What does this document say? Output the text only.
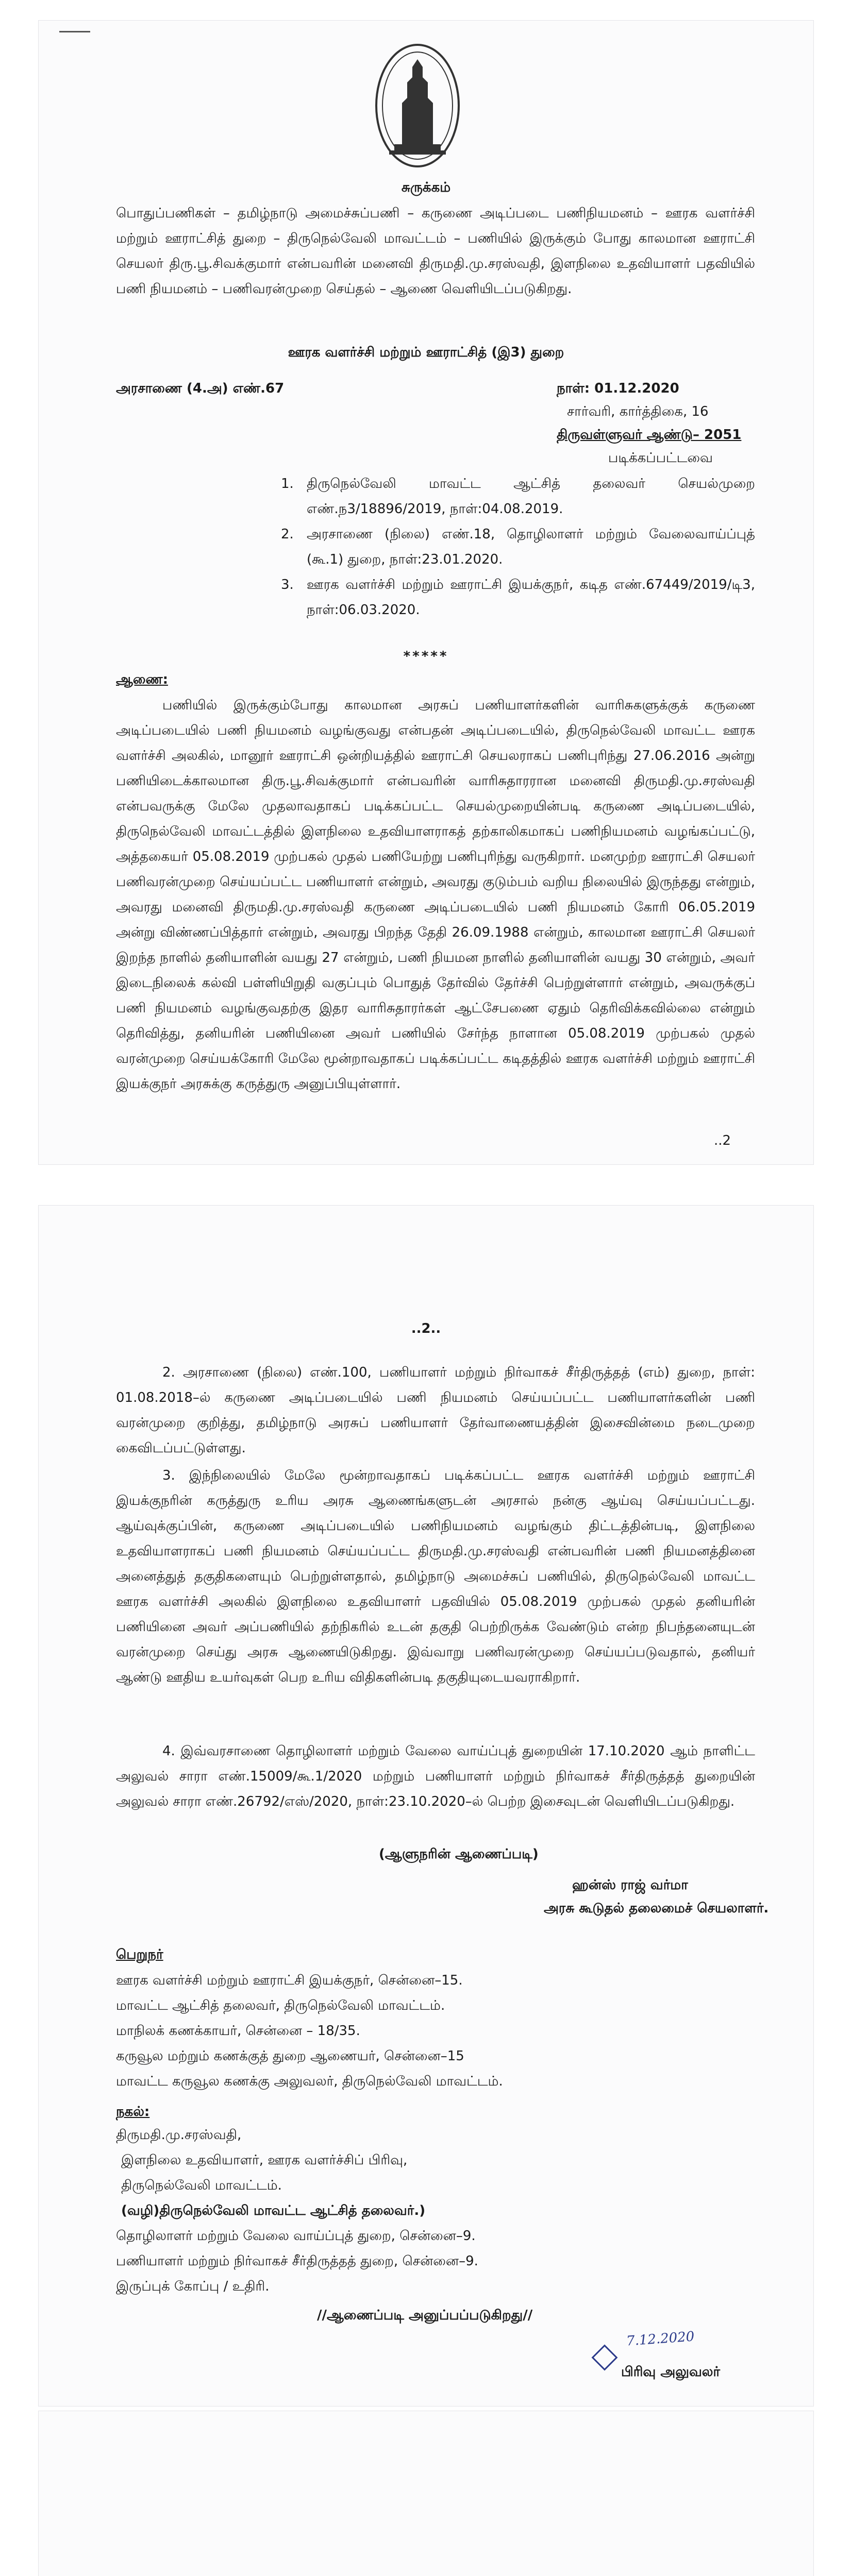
சுருக்கம்
பொதுப்பணிகள் – தமிழ்நாடு அமைச்சுப்பணி – கருணை அடிப்படை பணிநியமனம் – ஊரக வளர்ச்சி மற்றும் ஊராட்சித் துறை – திருநெல்வேலி மாவட்டம் – பணியில் இருக்கும் போது காலமான ஊராட்சி செயலர் திரு.பூ.சிவக்குமார் என்பவரின் மனைவி திருமதி.மு.சரஸ்வதி, இளநிலை உதவியாளர் பதவியில் பணி நியமனம் – பணிவரன்முறை செய்தல் – ஆணை வெளியிடப்படுகிறது.
ஊரக வளர்ச்சி மற்றும் ஊராட்சித் (இ3) துறை
அரசாணை (4.அ) எண்.67	நாள்: 01.12.2020
சார்வரி, கார்த்திகை, 16
திருவள்ளுவர் ஆண்டு– 2051
படிக்கப்பட்டவை
1. திருநெல்வேலி மாவட்ட ஆட்சித் தலைவர் செயல்முறை எண்.ந3/18896/2019, நாள்:04.08.2019.
2. அரசாணை (நிலை) எண்.18, தொழிலாளர் மற்றும் வேலைவாய்ப்புத் (கூ.1) துறை, நாள்:23.01.2020.
3. ஊரக வளர்ச்சி மற்றும் ஊராட்சி இயக்குநர், கடித எண்.67449/2019/டி3, நாள்:06.03.2020.
*****
ஆணை:
பணியில் இருக்கும்போது காலமான அரசுப் பணியாளர்களின் வாரிசுகளுக்குக் கருணை அடிப்படையில் பணி நியமனம் வழங்குவது என்பதன் அடிப்படையில், திருநெல்வேலி மாவட்ட ஊரக வளர்ச்சி அலகில், மானூர் ஊராட்சி ஒன்றியத்தில் ஊராட்சி செயலராகப் பணிபுரிந்து 27.06.2016 அன்று பணியிடைக்காலமான திரு.பூ.சிவக்குமார் என்பவரின் வாரிசுதாரரான மனைவி திருமதி.மு.சரஸ்வதி என்பவருக்கு மேலே முதலாவதாகப் படிக்கப்பட்ட செயல்முறையின்படி கருணை அடிப்படையில், திருநெல்வேலி மாவட்டத்தில் இளநிலை உதவியாளராகத் தற்காலிகமாகப் பணிநியமனம் வழங்கப்பட்டு, அத்தகையர் 05.08.2019 முற்பகல் முதல் பணியேற்று பணிபுரிந்து வருகிறார். மனமுற்ற ஊராட்சி செயலர் பணிவரன்முறை செய்யப்பட்ட பணியாளர் என்றும், அவரது குடும்பம் வறிய நிலையில் இருந்தது என்றும், அவரது மனைவி திருமதி.மு.சரஸ்வதி கருணை அடிப்படையில் பணி நியமனம் கோரி 06.05.2019 அன்று விண்ணப்பித்தார் என்றும், அவரது பிறந்த தேதி 26.09.1988 என்றும், காலமான ஊராட்சி செயலர் இறந்த நாளில் தனியாளின் வயது 27 என்றும், பணி நியமன நாளில் தனியாளின் வயது 30 என்றும், அவர் இடைநிலைக் கல்வி பள்ளியிறுதி வகுப்பும் பொதுத் தேர்வில் தேர்ச்சி பெற்றுள்ளார் என்றும், அவருக்குப் பணி நியமனம் வழங்குவதற்கு இதர வாரிசுதாரர்கள் ஆட்சேபணை ஏதும் தெரிவிக்கவில்லை என்றும் தெரிவித்து, தனியரின் பணியினை அவர் பணியில் சேர்ந்த நாளான 05.08.2019 முற்பகல் முதல் வரன்முறை செய்யக்கோரி மேலே மூன்றாவதாகப் படிக்கப்பட்ட கடிதத்தில் ஊரக வளர்ச்சி மற்றும் ஊராட்சி இயக்குநர் அரசுக்கு கருத்துரு அனுப்பியுள்ளார்.
..2
..2..
2. அரசாணை (நிலை) எண்.100, பணியாளர் மற்றும் நிர்வாகச் சீர்திருத்தத் (எம்) துறை, நாள்: 01.08.2018–ல் கருணை அடிப்படையில் பணி நியமனம் செய்யப்பட்ட பணியாளர்களின் பணி வரன்முறை குறித்து, தமிழ்நாடு அரசுப் பணியாளர் தேர்வாணையத்தின் இசைவின்மை நடைமுறை கைவிடப்பட்டுள்ளது.
3. இந்நிலையில் மேலே மூன்றாவதாகப் படிக்கப்பட்ட ஊரக வளர்ச்சி மற்றும் ஊராட்சி இயக்குநரின் கருத்துரு உரிய அரசு ஆணைங்களுடன் அரசால் நன்கு ஆய்வு செய்யப்பட்டது. ஆய்வுக்குப்பின், கருணை அடிப்படையில் பணிநியமனம் வழங்கும் திட்டத்தின்படி, இளநிலை உதவியாளராகப் பணி நியமனம் செய்யப்பட்ட திருமதி.மு.சரஸ்வதி என்பவரின் பணி நியமனத்தினை அனைத்துத் தகுதிகளையும் பெற்றுள்ளதால், தமிழ்நாடு அமைச்சுப் பணியில், திருநெல்வேலி மாவட்ட ஊரக வளர்ச்சி அலகில் இளநிலை உதவியாளர் பதவியில் 05.08.2019 முற்பகல் முதல் தனியரின் பணியினை அவர் அப்பணியில் தற்நிகரில் உடன் தகுதி பெற்றிருக்க வேண்டும் என்ற நிபந்தனையுடன் வரன்முறை செய்து அரசு ஆணையிடுகிறது. இவ்வாறு பணிவரன்முறை செய்யப்படுவதால், தனியர் ஆண்டு ஊதிய உயர்வுகள் பெற உரிய விதிகளின்படி தகுதியுடையவராகிறார்.
4. இவ்வரசாணை தொழிலாளர் மற்றும் வேலை வாய்ப்புத் துறையின் 17.10.2020 ஆம் நாளிட்ட அலுவல் சாரா எண்.15009/கூ.1/2020 மற்றும் பணியாளர் மற்றும் நிர்வாகச் சீர்திருத்தத் துறையின் அலுவல் சாரா எண்.26792/எஸ்/2020, நாள்:23.10.2020–ல் பெற்ற இசைவுடன் வெளியிடப்படுகிறது.
(ஆளுநரின் ஆணைப்படி)
ஹன்ஸ் ராஜ் வர்மா
அரசு கூடுதல் தலைமைச் செயலாளர்.
பெறுநர்
ஊரக வளர்ச்சி மற்றும் ஊராட்சி இயக்குநர், சென்னை–15.
மாவட்ட ஆட்சித் தலைவர், திருநெல்வேலி மாவட்டம்.
மாநிலக் கணக்காயர், சென்னை – 18/35.
கருவூல மற்றும் கணக்குத் துறை ஆணையர், சென்னை–15
மாவட்ட கருவூல கணக்கு அலுவலர், திருநெல்வேலி மாவட்டம்.
நகல்:
திருமதி.மு.சரஸ்வதி,
இளநிலை உதவியாளர், ஊரக வளர்ச்சிப் பிரிவு,
திருநெல்வேலி மாவட்டம்.
(வழி)திருநெல்வேலி மாவட்ட ஆட்சித் தலைவர்.)
தொழிலாளர் மற்றும் வேலை வாய்ப்புத் துறை, சென்னை–9.
பணியாளர் மற்றும் நிர்வாகச் சீர்திருத்தத் துறை, சென்னை–9.
இருப்புக் கோப்பு / உதிரி.
//ஆணைப்படி அனுப்பப்படுகிறது//
7.12.2020
பிரிவு அலுவலர்
